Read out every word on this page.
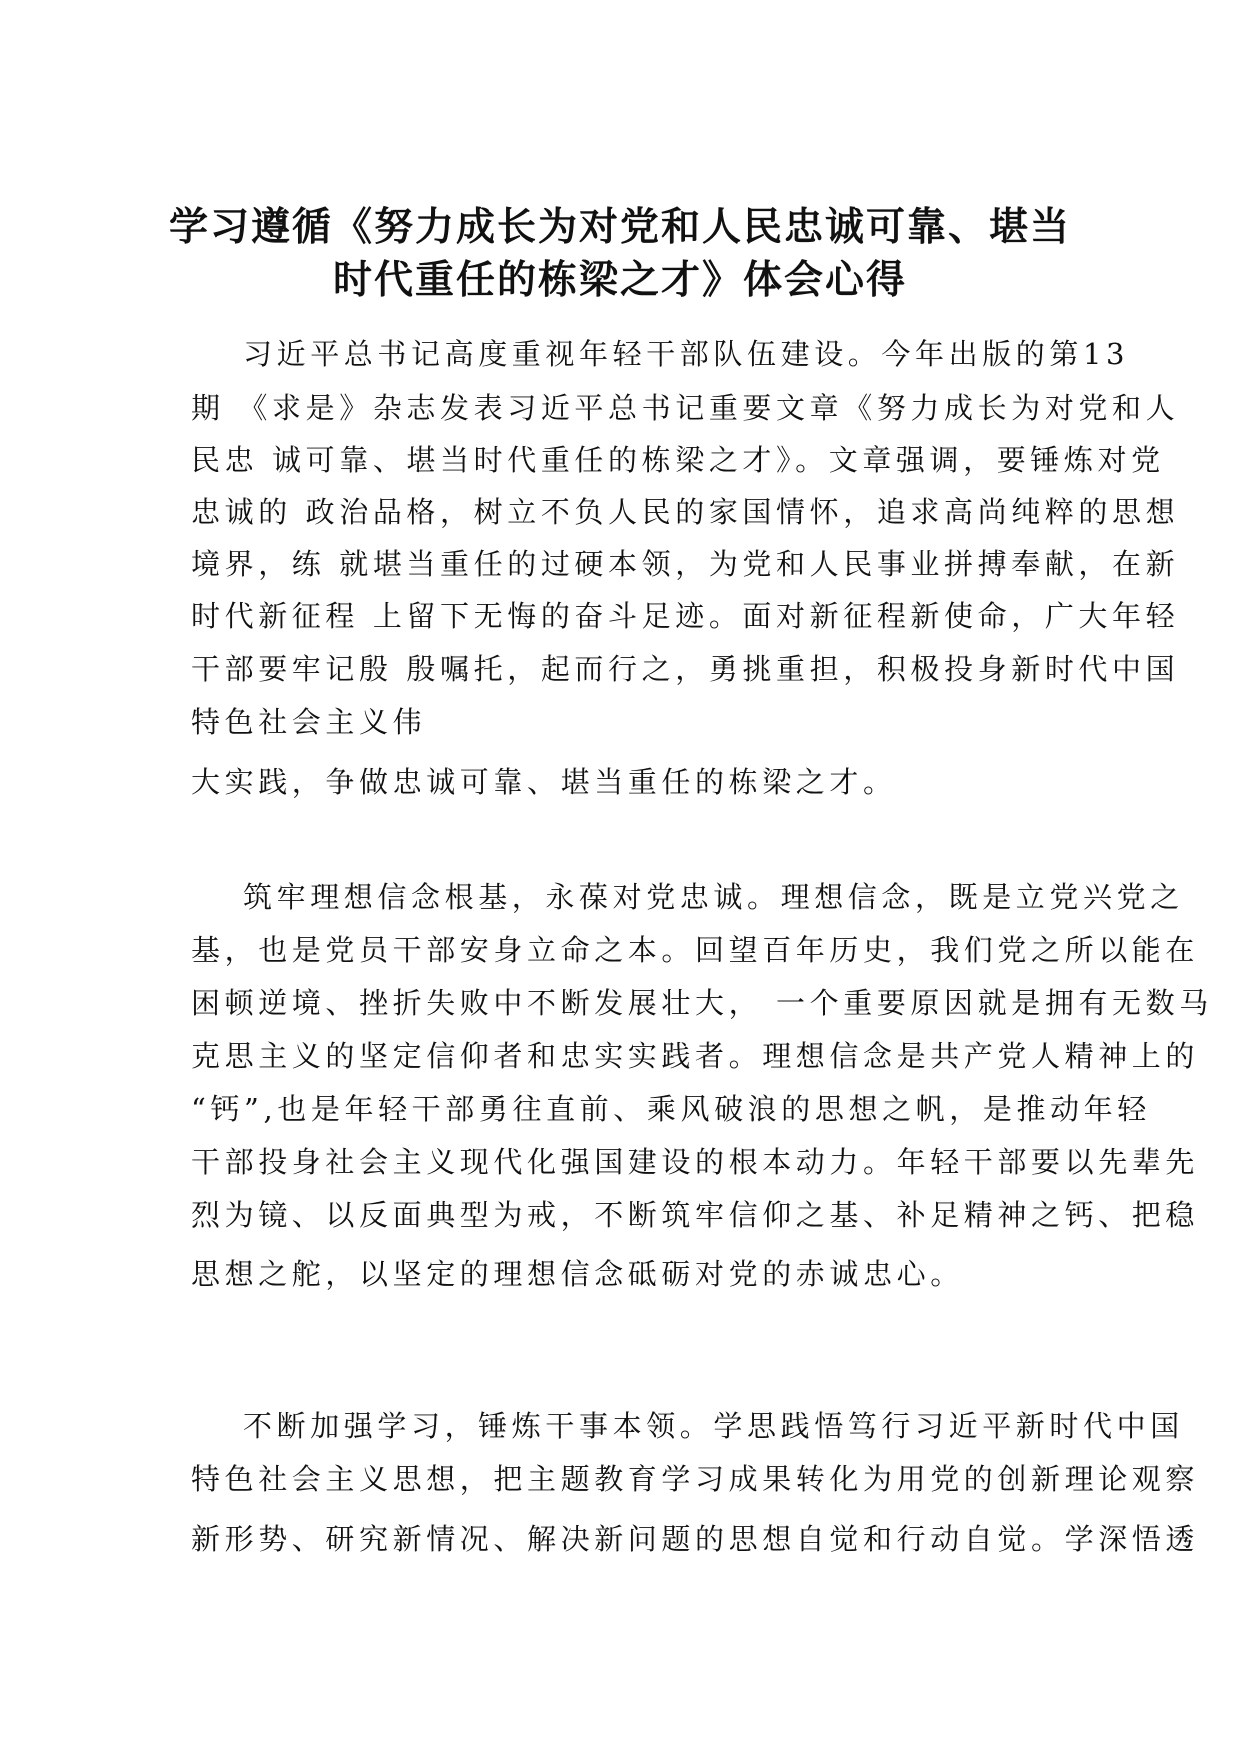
学习遵循《努力成长为对党和人民忠诚可靠、堪当
时代重任的栋梁之才》体会心得

习近平总书记高度重视年轻干部队伍建设。今年出版的第13

期 《求是》杂志发表习近平总书记重要文章《努力成长为对党和人

民忠 诚可靠、堪当时代重任的栋梁之才》。文章强调，要锤炼对党

忠诚的 政治品格，树立不负人民的家国情怀，追求高尚纯粹的思想

境界，练 就堪当重任的过硬本领，为党和人民事业拼搏奉献，在新

时代新征程 上留下无悔的奋斗足迹。面对新征程新使命，广大年轻

干部要牢记殷 殷嘱托，起而行之，勇挑重担，积极投身新时代中国

特色社会主义伟

大实践，争做忠诚可靠、堪当重任的栋梁之才。

筑牢理想信念根基，永葆对党忠诚。理想信念，既是立党兴党之

基，也是党员干部安身立命之本。回望百年历史，我们党之所以能在

困顿逆境、挫折失败中不断发展壮大， 一个重要原因就是拥有无数马

克思主义的坚定信仰者和忠实实践者。理想信念是共产党人精神上的

“钙”,也是年轻干部勇往直前、乘风破浪的思想之帆，是推动年轻

干部投身社会主义现代化强国建设的根本动力。年轻干部要以先辈先

烈为镜、以反面典型为戒，不断筑牢信仰之基、补足精神之钙、把稳

思想之舵，以坚定的理想信念砥砺对党的赤诚忠心。

不断加强学习，锤炼干事本领。学思践悟笃行习近平新时代中国

特色社会主义思想，把主题教育学习成果转化为用党的创新理论观察

新形势、研究新情况、解决新问题的思想自觉和行动自觉。学深悟透
